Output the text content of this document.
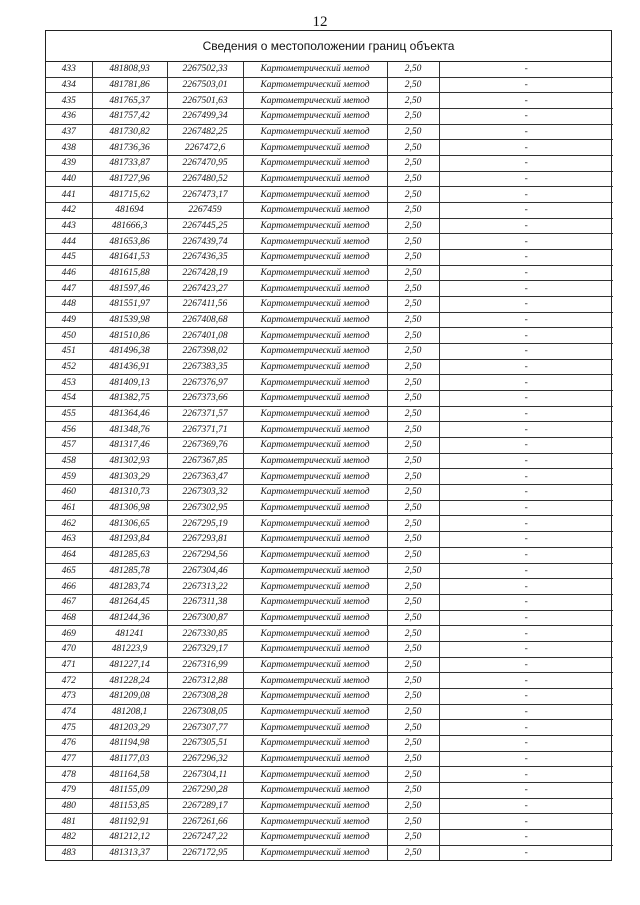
12
Сведения о местоположении границ объекта
433	481808,93	2267502,33	Картометрический метод	2,50	-
434	481781,86	2267503,01	Картометрический метод	2,50	-
435	481765,37	2267501,63	Картометрический метод	2,50	-
436	481757,42	2267499,34	Картометрический метод	2,50	-
437	481730,82	2267482,25	Картометрический метод	2,50	-
438	481736,36	2267472,6	Картометрический метод	2,50	-
439	481733,87	2267470,95	Картометрический метод	2,50	-
440	481727,96	2267480,52	Картометрический метод	2,50	-
441	481715,62	2267473,17	Картометрический метод	2,50	-
442	481694	2267459	Картометрический метод	2,50	-
443	481666,3	2267445,25	Картометрический метод	2,50	-
444	481653,86	2267439,74	Картометрический метод	2,50	-
445	481641,53	2267436,35	Картометрический метод	2,50	-
446	481615,88	2267428,19	Картометрический метод	2,50	-
447	481597,46	2267423,27	Картометрический метод	2,50	-
448	481551,97	2267411,56	Картометрический метод	2,50	-
449	481539,98	2267408,68	Картометрический метод	2,50	-
450	481510,86	2267401,08	Картометрический метод	2,50	-
451	481496,38	2267398,02	Картометрический метод	2,50	-
452	481436,91	2267383,35	Картометрический метод	2,50	-
453	481409,13	2267376,97	Картометрический метод	2,50	-
454	481382,75	2267373,66	Картометрический метод	2,50	-
455	481364,46	2267371,57	Картометрический метод	2,50	-
456	481348,76	2267371,71	Картометрический метод	2,50	-
457	481317,46	2267369,76	Картометрический метод	2,50	-
458	481302,93	2267367,85	Картометрический метод	2,50	-
459	481303,29	2267363,47	Картометрический метод	2,50	-
460	481310,73	2267303,32	Картометрический метод	2,50	-
461	481306,98	2267302,95	Картометрический метод	2,50	-
462	481306,65	2267295,19	Картометрический метод	2,50	-
463	481293,84	2267293,81	Картометрический метод	2,50	-
464	481285,63	2267294,56	Картометрический метод	2,50	-
465	481285,78	2267304,46	Картометрический метод	2,50	-
466	481283,74	2267313,22	Картометрический метод	2,50	-
467	481264,45	2267311,38	Картометрический метод	2,50	-
468	481244,36	2267300,87	Картометрический метод	2,50	-
469	481241	2267330,85	Картометрический метод	2,50	-
470	481223,9	2267329,17	Картометрический метод	2,50	-
471	481227,14	2267316,99	Картометрический метод	2,50	-
472	481228,24	2267312,88	Картометрический метод	2,50	-
473	481209,08	2267308,28	Картометрический метод	2,50	-
474	481208,1	2267308,05	Картометрический метод	2,50	-
475	481203,29	2267307,77	Картометрический метод	2,50	-
476	481194,98	2267305,51	Картометрический метод	2,50	-
477	481177,03	2267296,32	Картометрический метод	2,50	-
478	481164,58	2267304,11	Картометрический метод	2,50	-
479	481155,09	2267290,28	Картометрический метод	2,50	-
480	481153,85	2267289,17	Картометрический метод	2,50	-
481	481192,91	2267261,66	Картометрический метод	2,50	-
482	481212,12	2267247,22	Картометрический метод	2,50	-
483	481313,37	2267172,95	Картометрический метод	2,50	-
